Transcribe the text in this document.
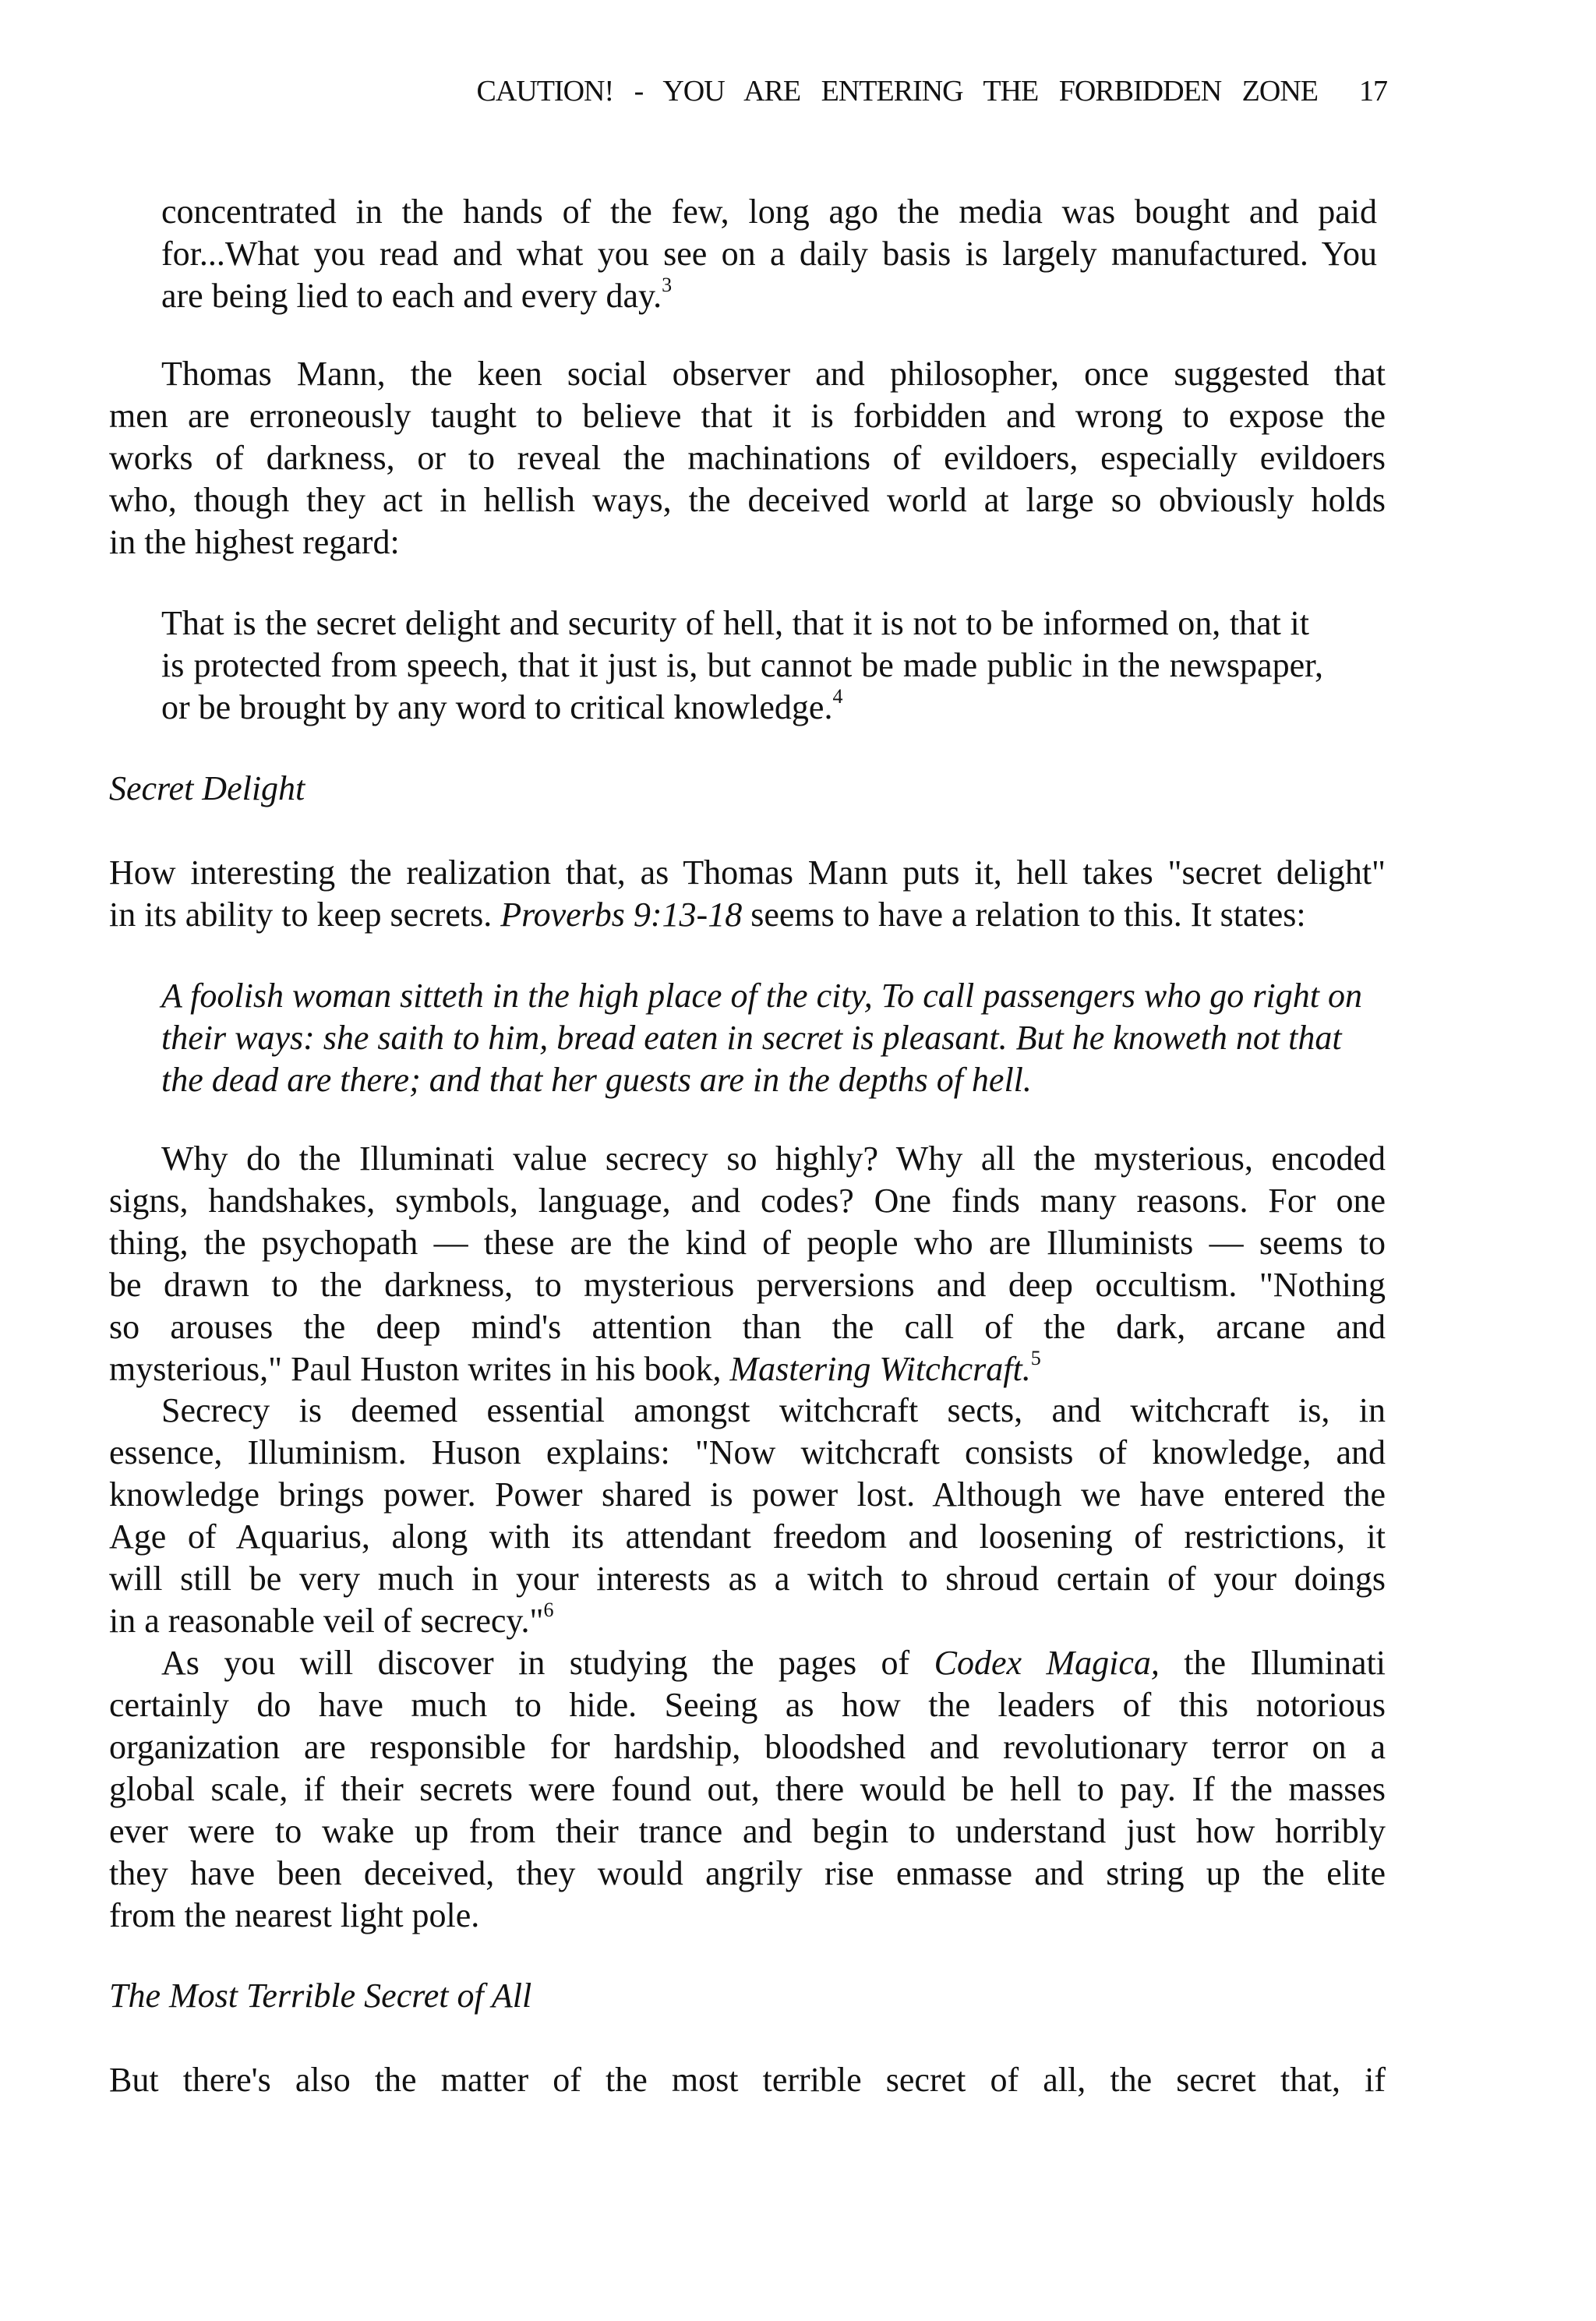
CAUTION! - YOU ARE ENTERING THE FORBIDDEN ZONE 17
concentrated in the hands of the few, long ago the media was bought and paid
for...What you read and what you see on a daily basis is largely manufactured. You
are being lied to each and every day.$^3$
Thomas Mann, the keen social observer and philosopher, once suggested that
men are erroneously taught to believe that it is forbidden and wrong to expose the
works of darkness, or to reveal the machinations of evildoers, especially evildoers
who, though they act in hellish ways, the deceived world at large so obviously holds
in the highest regard:
That is the secret delight and security of hell, that it is not to be informed on, that it
is protected from speech, that it just is, but cannot be made public in the newspaper,
or be brought by any word to critical knowledge.$^4$
Secret Delight
How interesting the realization that, as Thomas Mann puts it, hell takes "secret delight"
in its ability to keep secrets. Proverbs 9:13-18 seems to have a relation to this. It states:
A foolish woman sitteth in the high place of the city, To call passengers who go right on
their ways: she saith to him, bread eaten in secret is pleasant. But he knoweth not that
the dead are there; and that her guests are in the depths of hell.
Why do the Illuminati value secrecy so highly? Why all the mysterious, encoded
signs, handshakes, symbols, language, and codes? One finds many reasons. For one
thing, the psychopath — these are the kind of people who are Illuminists — seems to
be drawn to the darkness, to mysterious perversions and deep occultism. "Nothing
so arouses the deep mind's attention than the call of the dark, arcane and
mysterious," Paul Huston writes in his book, Mastering Witchcraft.$^5$
Secrecy is deemed essential amongst witchcraft sects, and witchcraft is, in
essence, Illuminism. Huson explains: "Now witchcraft consists of knowledge, and
knowledge brings power. Power shared is power lost. Although we have entered the
Age of Aquarius, along with its attendant freedom and loosening of restrictions, it
will still be very much in your interests as a witch to shroud certain of your doings
in a reasonable veil of secrecy."$^6$
As you will discover in studying the pages of Codex Magica, the Illuminati
certainly do have much to hide. Seeing as how the leaders of this notorious
organization are responsible for hardship, bloodshed and revolutionary terror on a
global scale, if their secrets were found out, there would be hell to pay. If the masses
ever were to wake up from their trance and begin to understand just how horribly
they have been deceived, they would angrily rise enmasse and string up the elite
from the nearest light pole.
The Most Terrible Secret of All
But there's also the matter of the most terrible secret of all, the secret that, if
